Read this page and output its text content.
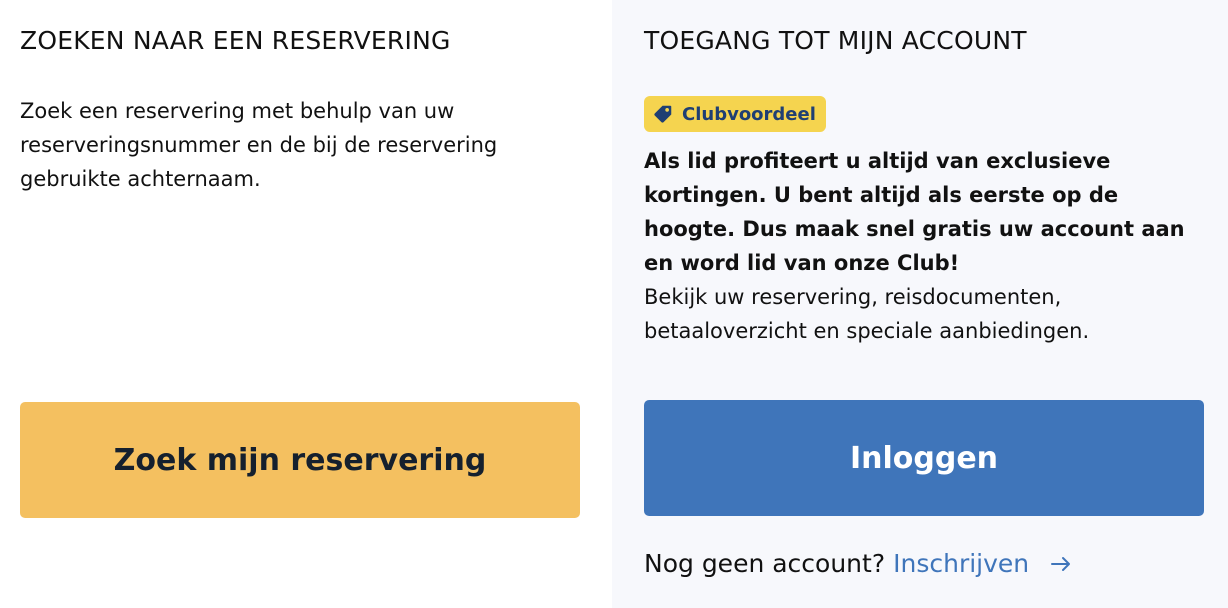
ZOEKEN NAAR EEN RESERVERING

Zoek een reservering met behulp van uw reserveringsnummer en de bij de reservering gebruikte achternaam.

Zoek mijn reservering
TOEGANG TOT MIJN ACCOUNT
Clubvoordeel

Als lid profiteert u altijd van exclusieve kortingen. U bent altijd als eerste op de hoogte. Dus maak snel gratis uw account aan en word lid van onze Club!
Bekijk uw reservering, reisdocumenten, betaaloverzicht en speciale aanbiedingen.

Inloggen
Nog geen account? Inschrijven
